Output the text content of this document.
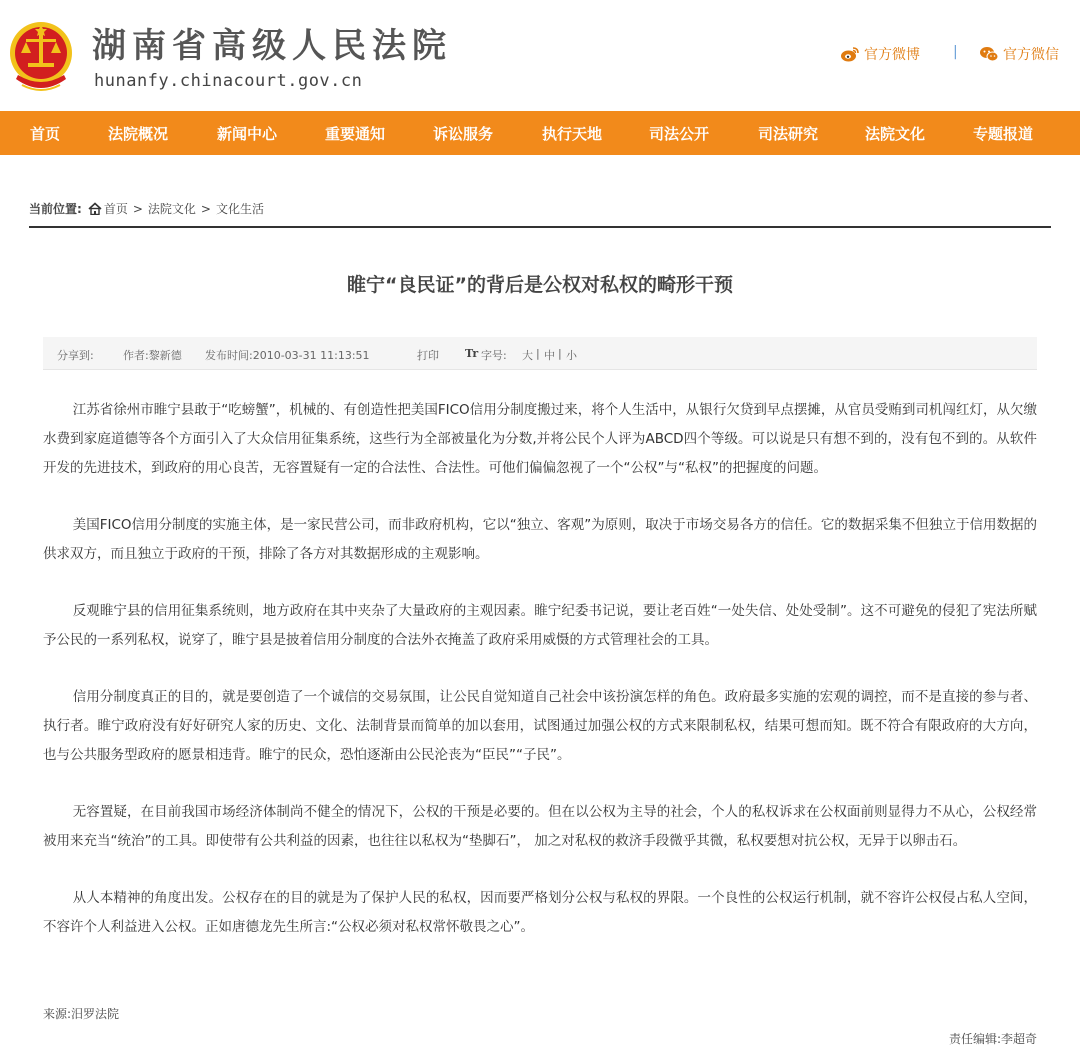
湖南省高级人民法院
hunanfy.chinacourt.gov.cn
官方微博 |	官方微信
首页	法院概况	新闻中心	重要通知	诉讼服务	执行天地	司法公开	司法研究	法院文化	专题报道
当前位置: 首页 > 法院文化 > 文化生活
睢宁“良民证”的背后是公权对私权的畸形干预
分享到:	作者:黎新德 发布时间:2010-03-31 11:13:51	打印 Tr 字号: 大 | 中 | 小

江苏省徐州市睢宁县敢于“吃螃蟹”，机械的、有创造性把美国FICO信用分制度搬过来，将个人生活中，从银行欠贷到早点摆摊，从官员受贿到司机闯红灯，从欠缴水费到家庭道德等各个方面引入了大众信用征集系统，这些行为全部被量化为分数,并将公民个人评为ABCD四个等级。可以说是只有想不到的，没有包不到的。从软件开发的先进技术，到政府的用心良苦，无容置疑有一定的合法性、合法性。可他们偏偏忽视了一个“公权”与“私权”的把握度的问题。

美国FICO信用分制度的实施主体，是一家民营公司，而非政府机构，它以“独立、客观”为原则，取决于市场交易各方的信任。它的数据采集不但独立于信用数据的供求双方，而且独立于政府的干预，排除了各方对其数据形成的主观影响。

反观睢宁县的信用征集系统则，地方政府在其中夹杂了大量政府的主观因素。睢宁纪委书记说，要让老百姓“一处失信、处处受制”。这不可避免的侵犯了宪法所赋予公民的一系列私权，说穿了，睢宁县是披着信用分制度的合法外衣掩盖了政府采用威慑的方式管理社会的工具。

信用分制度真正的目的，就是要创造了一个诚信的交易氛围，让公民自觉知道自己社会中该扮演怎样的角色。政府最多实施的宏观的调控，而不是直接的参与者、执行者。睢宁政府没有好好研究人家的历史、文化、法制背景而简单的加以套用，试图通过加强公权的方式来限制私权，结果可想而知。既不符合有限政府的大方向，也与公共服务型政府的愿景相违背。睢宁的民众，恐怕逐渐由公民沦丧为“臣民”“子民”。

无容置疑，在目前我国市场经济体制尚不健全的情况下，公权的干预是必要的。但在以公权为主导的社会，个人的私权诉求在公权面前则显得力不从心，公权经常被用来充当“统治”的工具。即使带有公共利益的因素，也往往以私权为“垫脚石”， 加之对私权的救济手段微乎其微，私权要想对抗公权，无异于以卵击石。

从人本精神的角度出发。公权存在的目的就是为了保护人民的私权，因而要严格划分公权与私权的界限。一个良性的公权运行机制，就不容许公权侵占私人空间，不容许个人利益进入公权。正如唐德龙先生所言:“公权必须对私权常怀敬畏之心”。

来源:汨罗法院
责任编辑:李超奇
